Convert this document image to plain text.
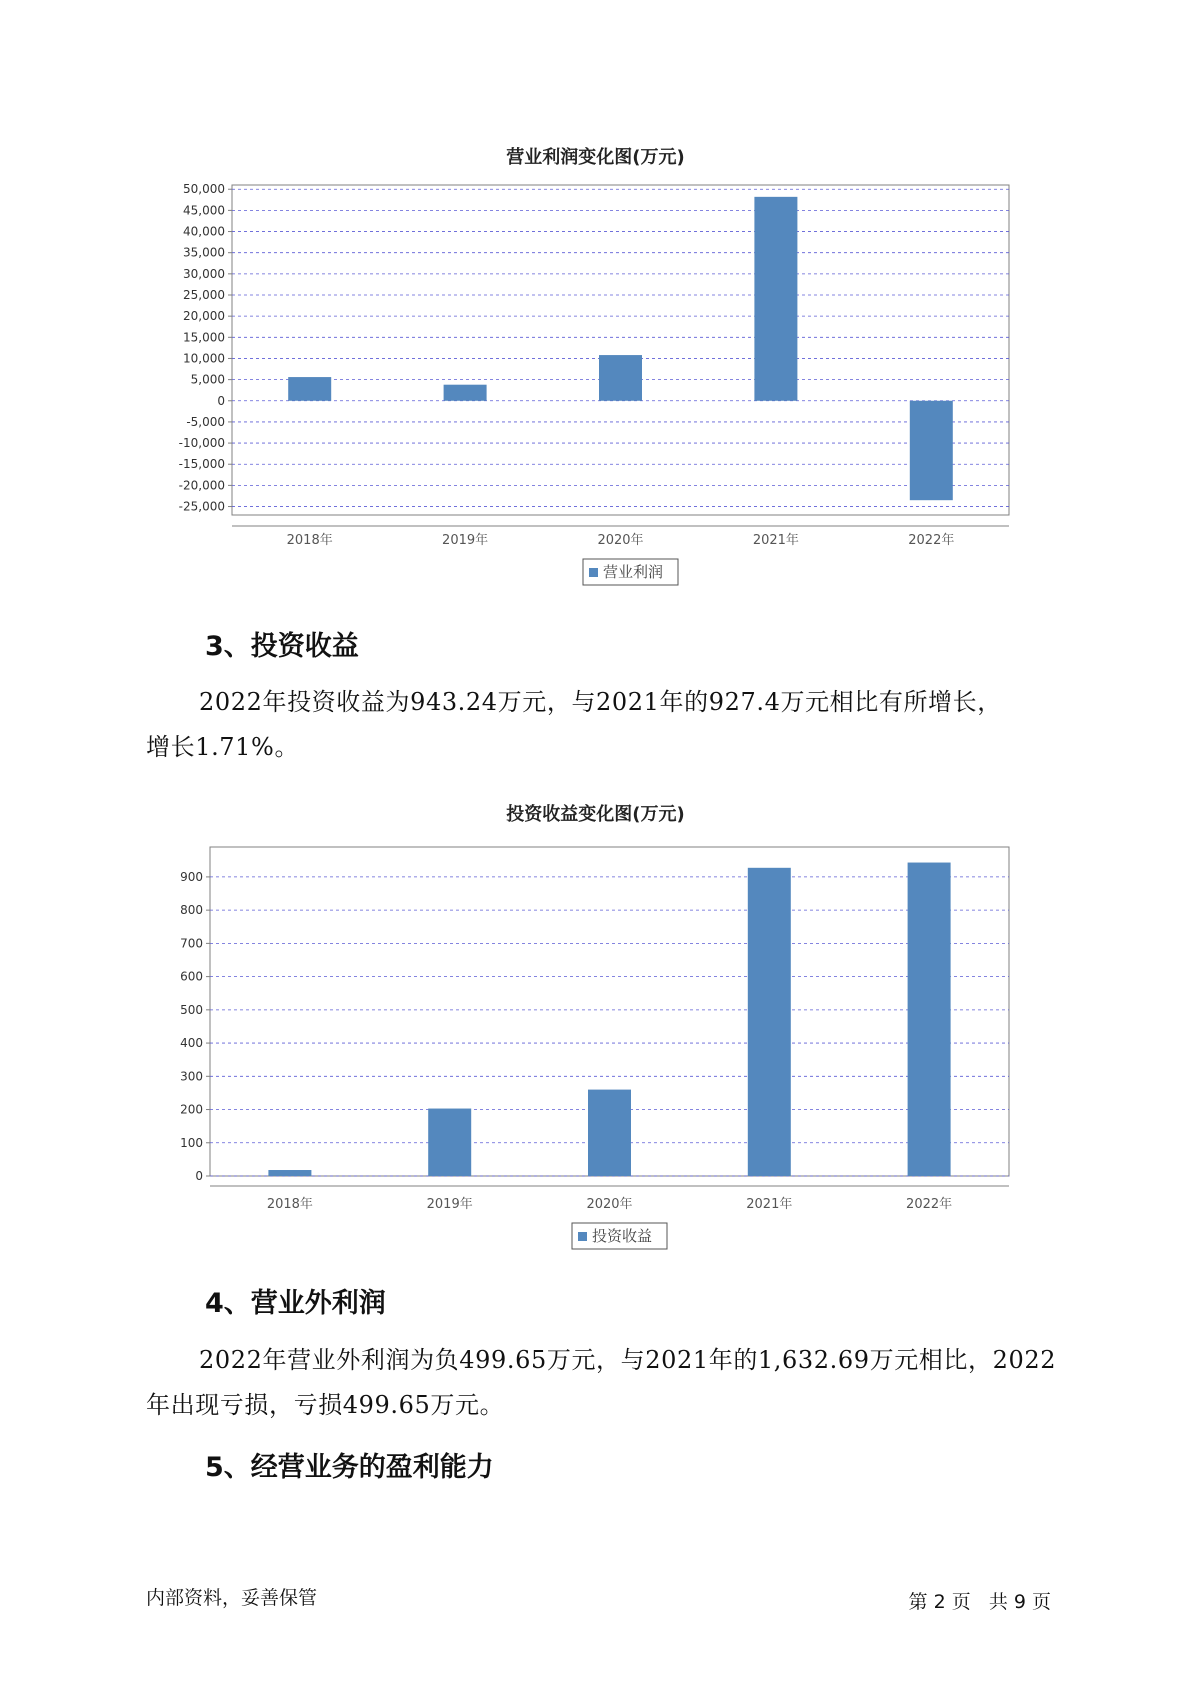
营业利润变化图(万元)
50,000
45,000
40,000
35,000
30,000
25,000
20,000
15,000
10,000
5,000
0
-5,000
-10,000
-15,000
-20,000
-25,000
2018年	2019年	2020年	2021年	2022年
营业利润
3、投资收益
2022年投资收益为943.24万元，与2021年的927.4万元相比有所增长，
增长1.71%。
投资收益变化图(万元)
900
800
700
600
500
400
300
200
100
0
2018年	2019年	2020年	2021年	2022年
投资收益
4、营业外利润
2022年营业外利润为负499.65万元，与2021年的1,632.69万元相比，2022
年出现亏损，亏损499.65万元。
5、经营业务的盈利能力
内部资料，妥善保管	第 2 页   共 9 页
